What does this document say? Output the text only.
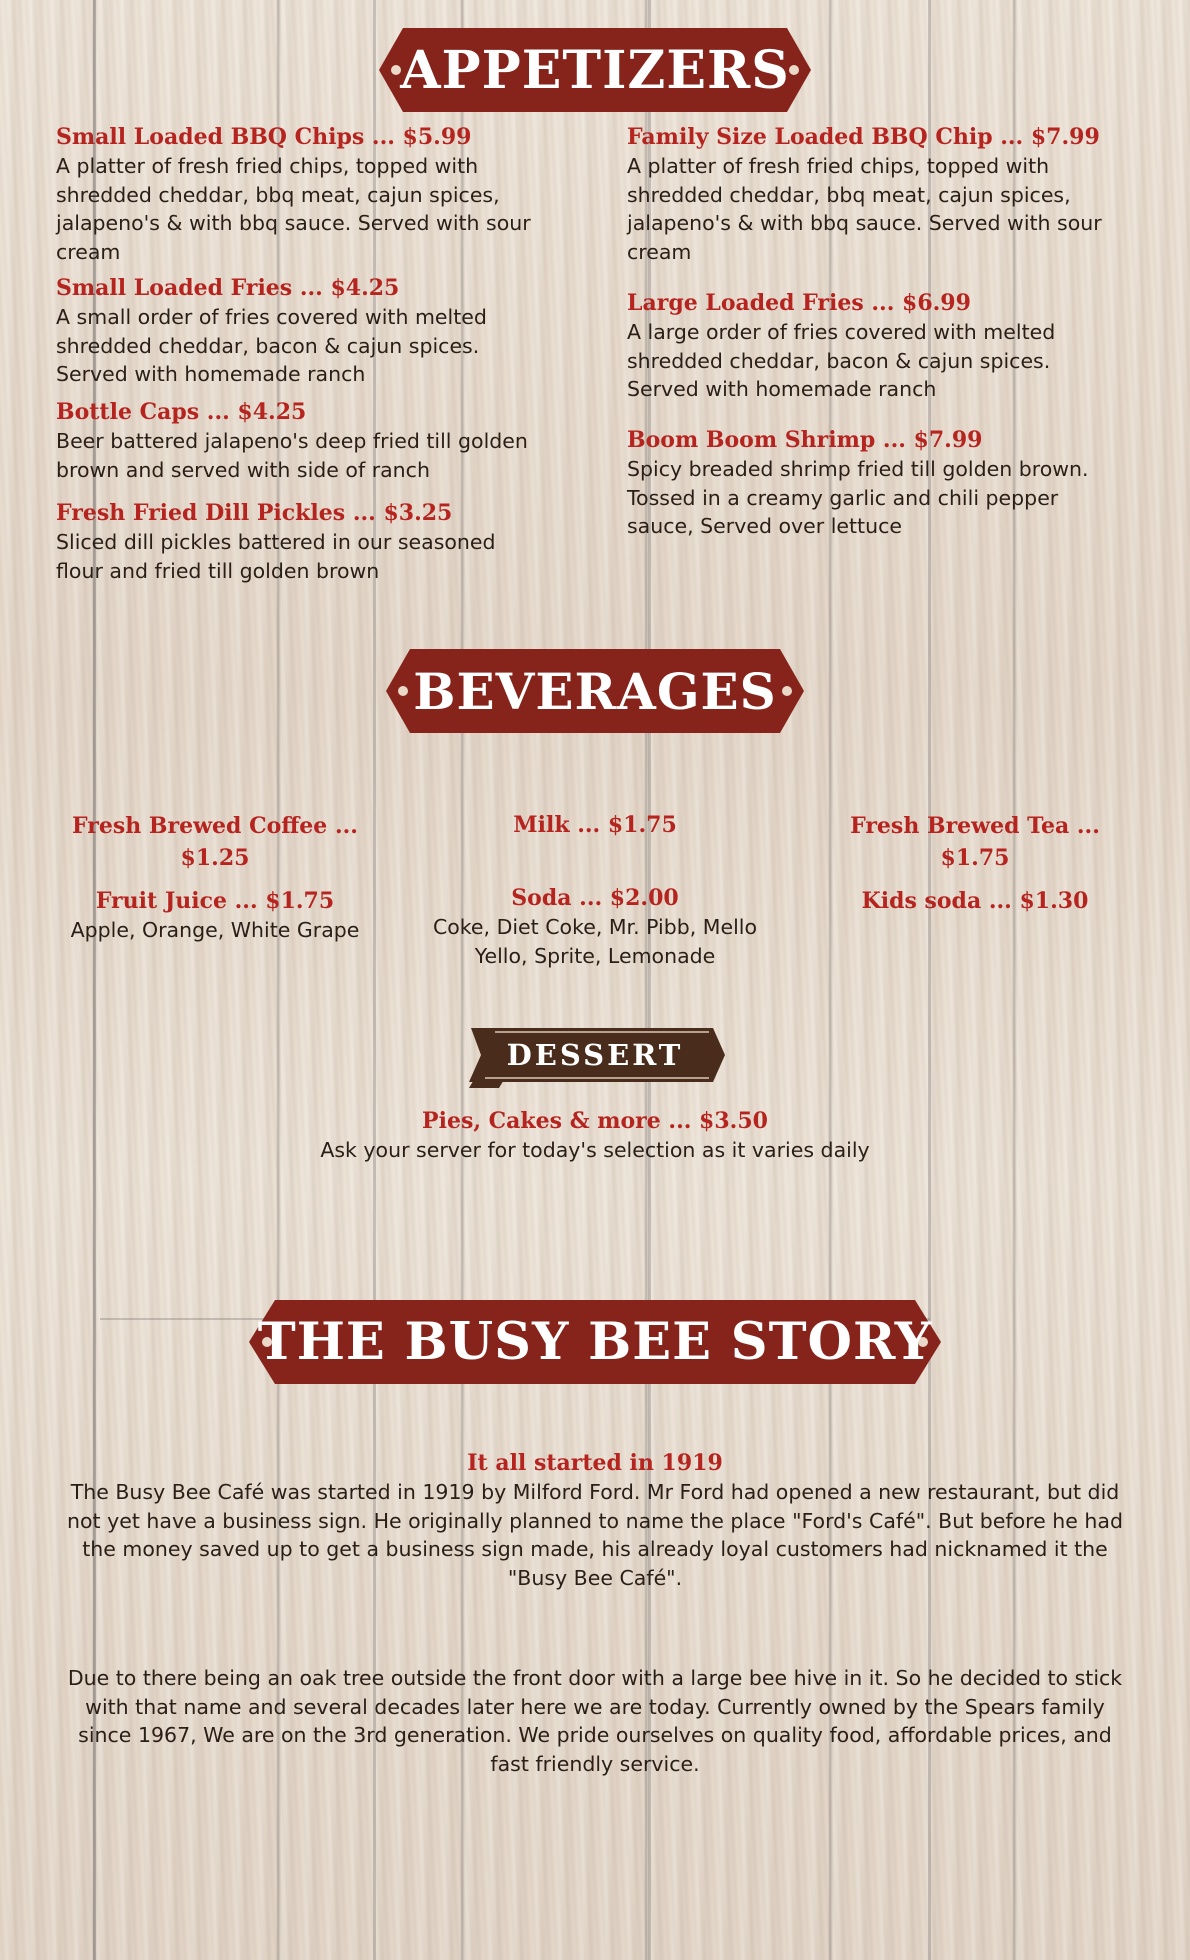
APPETIZERS
Small Loaded BBQ Chips ... $5.99
A platter of fresh fried chips, topped with shredded cheddar, bbq meat, cajun spices, jalapeno's & with bbq sauce. Served with sour cream
Small Loaded Fries ... $4.25
A small order of fries covered with melted shredded cheddar, bacon & cajun spices. Served with homemade ranch
Bottle Caps ... $4.25
Beer battered jalapeno's deep fried till golden brown and served with side of ranch
Fresh Fried Dill Pickles ... $3.25
Sliced dill pickles battered in our seasoned flour and fried till golden brown
Family Size Loaded BBQ Chip ... $7.99
A platter of fresh fried chips, topped with shredded cheddar, bbq meat, cajun spices, jalapeno's & with bbq sauce. Served with sour cream
Large Loaded Fries ... $6.99
A large order of fries covered with melted shredded cheddar, bacon & cajun spices. Served with homemade ranch
Boom Boom Shrimp ... $7.99
Spicy breaded shrimp fried till golden brown. Tossed in a creamy garlic and chili pepper sauce, Served over lettuce
BEVERAGES
Fresh Brewed Coffee ... $1.25
Fruit Juice ... $1.75
Apple, Orange, White Grape
Milk ... $1.75
Soda ... $2.00
Coke, Diet Coke, Mr. Pibb, Mello Yello, Sprite, Lemonade
Fresh Brewed Tea ... $1.75
Kids soda ... $1.30
DESSERT
Pies, Cakes & more ... $3.50
Ask your server for today's selection as it varies daily
THE BUSY BEE STORY
It all started in 1919
The Busy Bee Café was started in 1919 by Milford Ford. Mr Ford had opened a new restaurant, but did not yet have a business sign. He originally planned to name the place "Ford's Café". But before he had the money saved up to get a business sign made, his already loyal customers had nicknamed it the "Busy Bee Café".
Due to there being an oak tree outside the front door with a large bee hive in it. So he decided to stick with that name and several decades later here we are today. Currently owned by the Spears family since 1967, We are on the 3rd generation. We pride ourselves on quality food, affordable prices, and fast friendly service.
